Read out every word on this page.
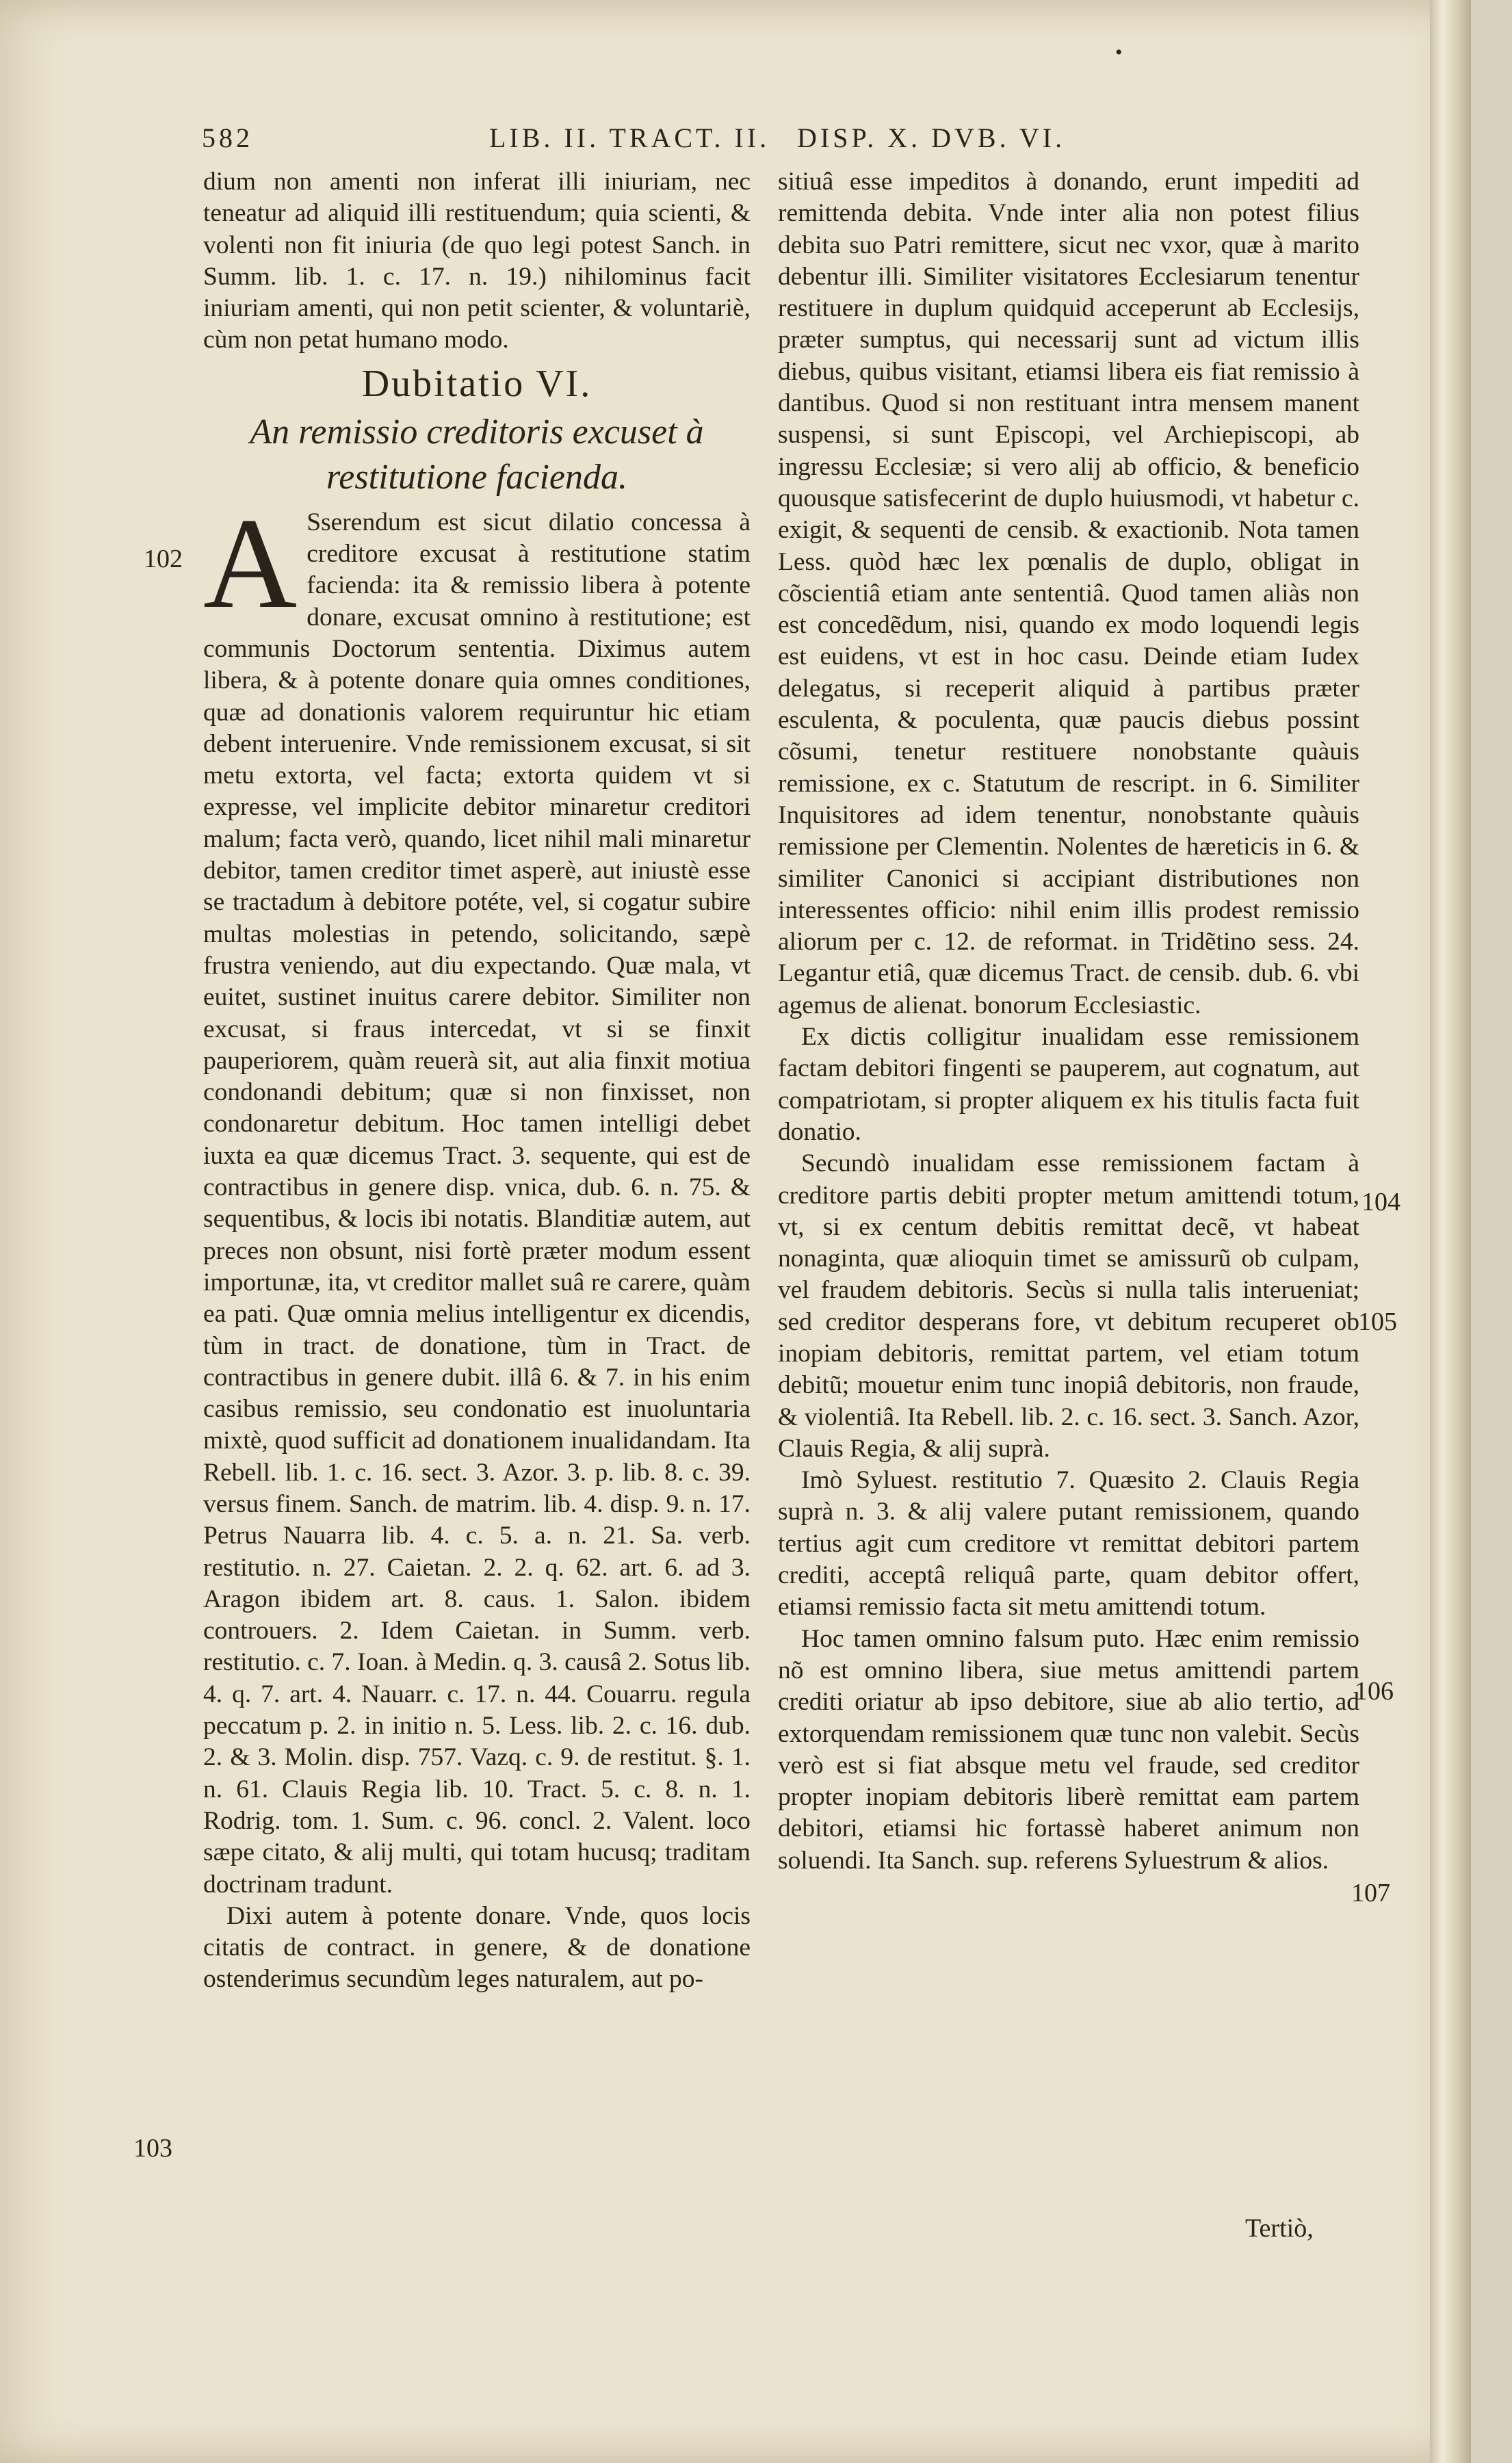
582	LIB. II. TRACT. II. DISP. X. DVB. VI.

dium non amenti non inferat illi iniuriam, nec teneatur ad aliquid illi restituendum; quia scienti, & volenti non fit iniuria (de quo legi potest Sanch. in Summ. lib. 1. c. 17. n. 19.) nihilominus facit iniuriam amenti, qui non petit scienter, & voluntariè, cùm non petat humano modo.

Dubitatio VI.
An remissio creditoris excuset à restitutione facienda.

A Sserendum est sicut dilatio concessa à creditore excusat à restitutione statim facienda: ita & remissio libera à potente donare, excusat omnino à restitutione; est communis Doctorum sententia. Diximus autem libera, & à potente donare quia omnes conditiones, quæ ad donationis valorem requiruntur hic etiam debent interuenire. Vnde remissionem excusat, si sit metu extorta, vel facta; extorta quidem vt si expresse, vel implicite debitor minaretur creditori malum; facta verò, quando, licet nihil mali minaretur debitor, tamen creditor timet asperè, aut iniustè esse se tractadum à debitore potéte, vel, si cogatur subire multas molestias in petendo, solicitando, sæpè frustra veniendo, aut diu expectando. Quæ mala, vt euitet, sustinet inuitus carere debitor. Similiter non excusat, si fraus intercedat, vt si se finxit pauperiorem, quàm reuerà sit, aut alia finxit motiua condonandi debitum; quæ si non finxisset, non condonaretur debitum. Hoc tamen intelligi debet iuxta ea quæ dicemus Tract. 3. sequente, qui est de contractibus in genere disp. vnica, dub. 6. n. 75. & sequentibus, & locis ibi notatis. Blanditiæ autem, aut preces non obsunt, nisi fortè præter modum essent importunæ, ita, vt creditor mallet suâ re carere, quàm ea pati. Quæ omnia melius intelligentur ex dicendis, tùm in tract. de donatione, tùm in Tract. de contractibus in genere dubit. illâ 6. & 7. in his enim casibus remissio, seu condonatio est inuoluntaria mixtè, quod sufficit ad donationem inualidandam. Ita Rebell. lib. 1. c. 16. sect. 3. Azor. 3. p. lib. 8. c. 39. versus finem. Sanch. de matrim. lib. 4. disp. 9. n. 17. Petrus Nauarra lib. 4. c. 5. a. n. 21. Sa. verb. restitutio. n. 27. Caietan. 2. 2. q. 62. art. 6. ad 3. Aragon ibidem art. 8. caus. 1. Salon. ibidem controuers. 2. Idem Caietan. in Summ. verb. restitutio. c. 7. Ioan. à Medin. q. 3. causâ 2. Sotus lib. 4. q. 7. art. 4. Nauarr. c. 17. n. 44. Couarru. regula peccatum p. 2. in initio n. 5. Less. lib. 2. c. 16. dub. 2. & 3. Molin. disp. 757. Vazq. c. 9. de restitut. §. 1. n. 61. Clauis Regia lib. 10. Tract. 5. c. 8. n. 1. Rodrig. tom. 1. Sum. c. 96. concl. 2. Valent. loco sæpe citato, & alij multi, qui totam hucusq; traditam doctrinam tradunt.

Dixi autem à potente donare. Vnde, quos locis citatis de contract. in genere, & de donatione ostenderimus secundùm leges naturalem, aut po-

sitiuâ esse impeditos à donando, erunt impediti ad remittenda debita. Vnde inter alia non potest filius debita suo Patri remittere, sicut nec vxor, quæ à marito debentur illi. Similiter visitatores Ecclesiarum tenentur restituere in duplum quidquid acceperunt ab Ecclesijs, præter sumptus, qui necessarij sunt ad victum illis diebus, quibus visitant, etiamsi libera eis fiat remissio à dantibus. Quod si non restituant intra mensem manent suspensi, si sunt Episcopi, vel Archiepiscopi, ab ingressu Ecclesiæ; si vero alij ab officio, & beneficio quousque satisfecerint de duplo huiusmodi, vt habetur c. exigit, & sequenti de censib. & exactionib. Nota tamen Less. quòd hæc lex pœnalis de duplo, obligat in cõscientiâ etiam ante sententiâ. Quod tamen aliàs non est concedẽdum, nisi, quando ex modo loquendi legis est euidens, vt est in hoc casu. Deinde etiam Iudex delegatus, si receperit aliquid à partibus præter esculenta, & poculenta, quæ paucis diebus possint cõsumi, tenetur restituere nonobstante quàuis remissione, ex c. Statutum de rescript. in 6. Similiter Inquisitores ad idem tenentur, nonobstante quàuis remissione per Clementin. Nolentes de hæreticis in 6. & similiter Canonici si accipiant distributiones non interessentes officio: nihil enim illis prodest remissio aliorum per c. 12. de reformat. in Tridẽtino sess. 24. Legantur etiâ, quæ dicemus Tract. de censib. dub. 6. vbi agemus de alienat. bonorum Ecclesiastic.

Ex dictis colligitur inualidam esse remissionem factam debitori fingenti se pauperem, aut cognatum, aut compatriotam, si propter aliquem ex his titulis facta fuit donatio.

Secundò inualidam esse remissionem factam à creditore partis debiti propter metum amittendi totum, vt, si ex centum debitis remittat decẽ, vt habeat nonaginta, quæ alioquin timet se amissurũ ob culpam, vel fraudem debitoris. Secùs si nulla talis interueniat; sed creditor desperans fore, vt debitum recuperet ob inopiam debitoris, remittat partem, vel etiam totum debitũ; mouetur enim tunc inopiâ debitoris, non fraude, & violentiâ. Ita Rebell. lib. 2. c. 16. sect. 3. Sanch. Azor, Clauis Regia, & alij suprà.

Imò Syluest. restitutio 7. Quæsito 2. Clauis Regia suprà n. 3. & alij valere putant remissionem, quando tertius agit cum creditore vt remittat debitori partem crediti, acceptâ reliquâ parte, quam debitor offert, etiamsi remissio facta sit metu amittendi totum.

Hoc tamen omnino falsum puto. Hæc enim remissio nõ est omnino libera, siue metus amittendi partem crediti oriatur ab ipso debitore, siue ab alio tertio, ad extorquendam remissionem quæ tunc non valebit. Secùs verò est si fiat absque metu vel fraude, sed creditor propter inopiam debitoris liberè remittat eam partem debitori, etiamsi hic fortassè haberet animum non soluendi. Ita Sanch. sup. referens Syluestrum & alios.

Tertiò,
102
103
104
105
106
107
•
